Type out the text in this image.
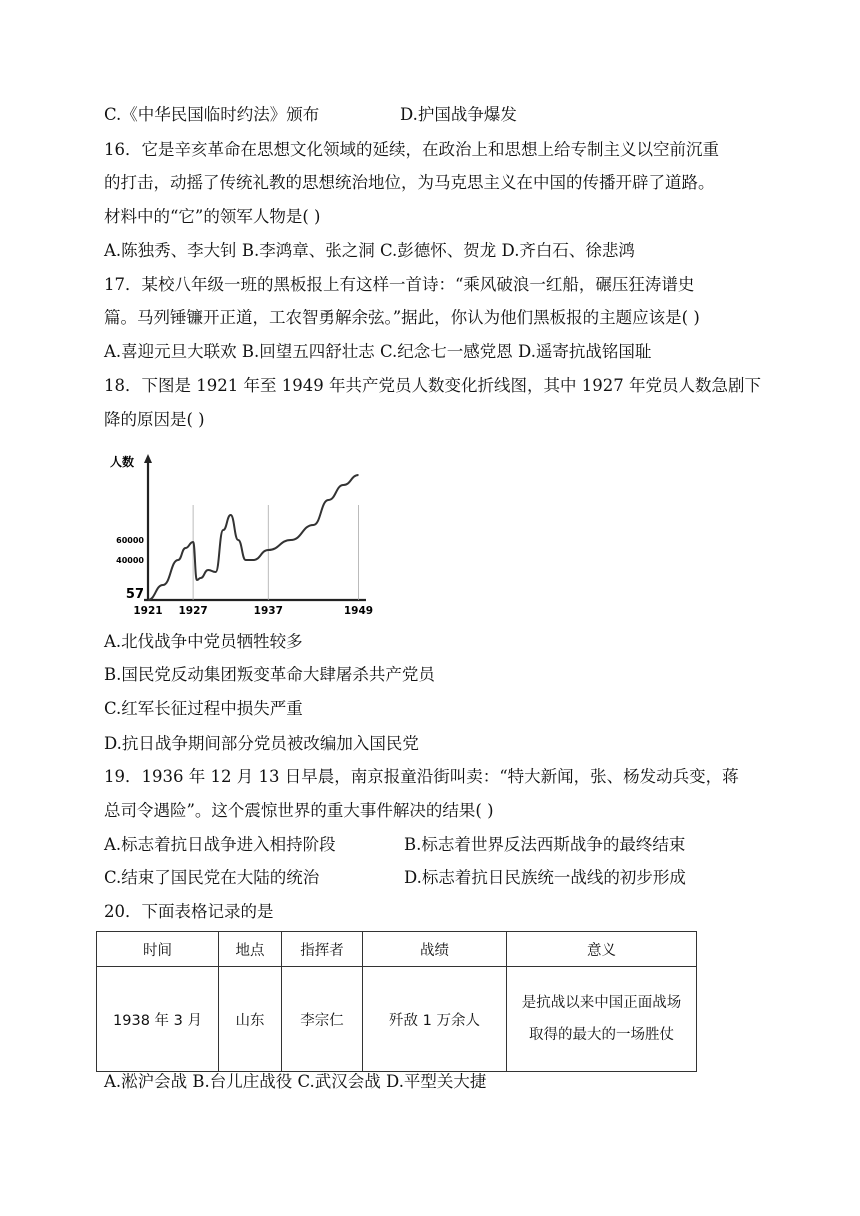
C.《中华民国临时约法》颁布	D.护国战争爆发
16．它是辛亥革命在思想文化领域的延续，在政治上和思想上给专制主义以空前沉重
的打击，动摇了传统礼教的思想统治地位，为马克思主义在中国的传播开辟了道路。
材料中的“它”的领军人物是( )
A.陈独秀、李大钊 B.李鸿章、张之洞 C.彭德怀、贺龙 D.齐白石、徐悲鸿
17．某校八年级一班的黑板报上有这样一首诗：“乘风破浪一红船，碾压狂涛谱史
篇。马列锤镰开正道，工农智勇解余弦。”据此，你认为他们黑板报的主题应该是( )
A.喜迎元旦大联欢 B.回望五四舒壮志 C.纪念七一感党恩 D.遥寄抗战铭国耻
18．下图是 1921 年至 1949 年共产党员人数变化折线图，其中 1927 年党员人数急剧下
降的原因是( )
人数
1921 1927	1937	1949
57
40000
60000
A.北伐战争中党员牺牲较多
B.国民党反动集团叛变革命大肆屠杀共产党员
C.红军长征过程中损失严重
D.抗日战争期间部分党员被改编加入国民党
19．1936 年 12 月 13 日早晨，南京报童沿街叫卖：“特大新闻，张、杨发动兵变，蒋
总司令遇险”。这个震惊世界的重大事件解决的结果( )
A.标志着抗日战争进入相持阶段	B.标志着世界反法西斯战争的最终结束
C.结束了国民党在大陆的统治	D.标志着抗日民族统一战线的初步形成
20．下面表格记录的是
时间	地点	指挥者	战绩	意义
1938 年 3 月	山东	李宗仁	歼敌 1 万余人	是抗战以来中国正面战场取得的最大的一场胜仗
A.淞沪会战 B.台儿庄战役 C.武汉会战 D.平型关大捷
